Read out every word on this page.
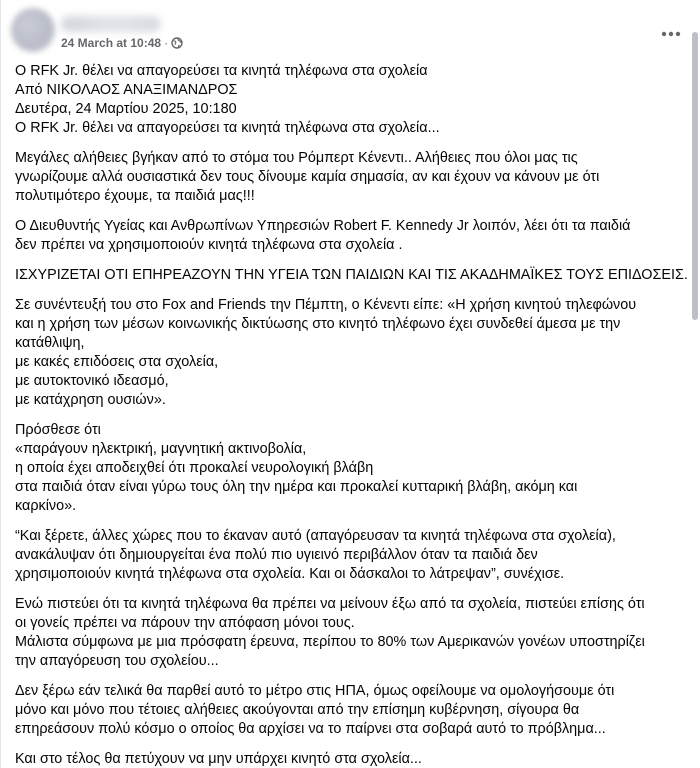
24 March at 10:48 ·
Ο RFK Jr. θέλει να απαγορεύσει τα κινητά τηλέφωνα στα σχολεία
Από ΝΙΚΟΛΑΟΣ ΑΝΑΞΙΜΑΝΔΡΟΣ
Δευτέρα, 24 Μαρτίου 2025, 10:180
Ο RFK Jr. θέλει να απαγορεύσει τα κινητά τηλέφωνα στα σχολεία...
Μεγάλες αλήθειες βγήκαν από το στόμα του Ρόμπερτ Κένεντι.. Αλήθειες που όλοι μας τις
γνωρίζουμε αλλά ουσιαστικά δεν τους δίνουμε καμία σημασία, αν και έχουν να κάνουν με ότι
πολυτιμότερο έχουμε, τα παιδιά μας!!!
Ο Διευθυντής Υγείας και Ανθρωπίνων Υπηρεσιών Robert F. Kennedy Jr λοιπόν, λέει ότι τα παιδιά
δεν πρέπει να χρησιμοποιούν κινητά τηλέφωνα στα σχολεία .
ΙΣΧΥΡΙΖΕΤΑΙ ΟΤΙ ΕΠΗΡΕΑΖΟΥΝ ΤΗΝ ΥΓΕΙΑ ΤΩΝ ΠΑΙΔΙΩΝ ΚΑΙ ΤΙΣ ΑΚΑΔΗΜΑΪΚΕΣ ΤΟΥΣ ΕΠΙΔΟΣΕΙΣ.
Σε συνέντευξή του στο Fox and Friends την Πέμπτη, ο Κένεντι είπε: «Η χρήση κινητού τηλεφώνου
και η χρήση των μέσων κοινωνικής δικτύωσης στο κινητό τηλέφωνο έχει συνδεθεί άμεσα με την
κατάθλιψη,
με κακές επιδόσεις στα σχολεία,
με αυτοκτονικό ιδεασμό,
με κατάχρηση ουσιών».
Πρόσθεσε ότι
«παράγουν ηλεκτρική, μαγνητική ακτινοβολία,
η οποία έχει αποδειχθεί ότι προκαλεί νευρολογική βλάβη
στα παιδιά όταν είναι γύρω τους όλη την ημέρα και προκαλεί κυτταρική βλάβη, ακόμη και
καρκίνο».
“Και ξέρετε, άλλες χώρες που το έκαναν αυτό (απαγόρευσαν τα κινητά τηλέφωνα στα σχολεία),
ανακάλυψαν ότι δημιουργείται ένα πολύ πιο υγιεινό περιβάλλον όταν τα παιδιά δεν
χρησιμοποιούν κινητά τηλέφωνα στα σχολεία. Και οι δάσκαλοι το λάτρεψαν”, συνέχισε.
Ενώ πιστεύει ότι τα κινητά τηλέφωνα θα πρέπει να μείνουν έξω από τα σχολεία, πιστεύει επίσης ότι
οι γονείς πρέπει να πάρουν την απόφαση μόνοι τους.
Μάλιστα σύμφωνα με μια πρόσφατη έρευνα, περίπου το 80% των Αμερικανών γονέων υποστηρίζει
την απαγόρευση του σχολείου...
Δεν ξέρω εάν τελικά θα παρθεί αυτό το μέτρο στις ΗΠΑ, όμως οφείλουμε να ομολογήσουμε ότι
μόνο και μόνο που τέτοιες αλήθειες ακούγονται από την επίσημη κυβέρνηση, σίγουρα θα
επηρεάσουν πολύ κόσμο ο οποίος θα αρχίσει να το παίρνει στα σοβαρά αυτό το πρόβλημα...
Και στο τέλος θα πετύχουν να μην υπάρχει κινητό στα σχολεία...
